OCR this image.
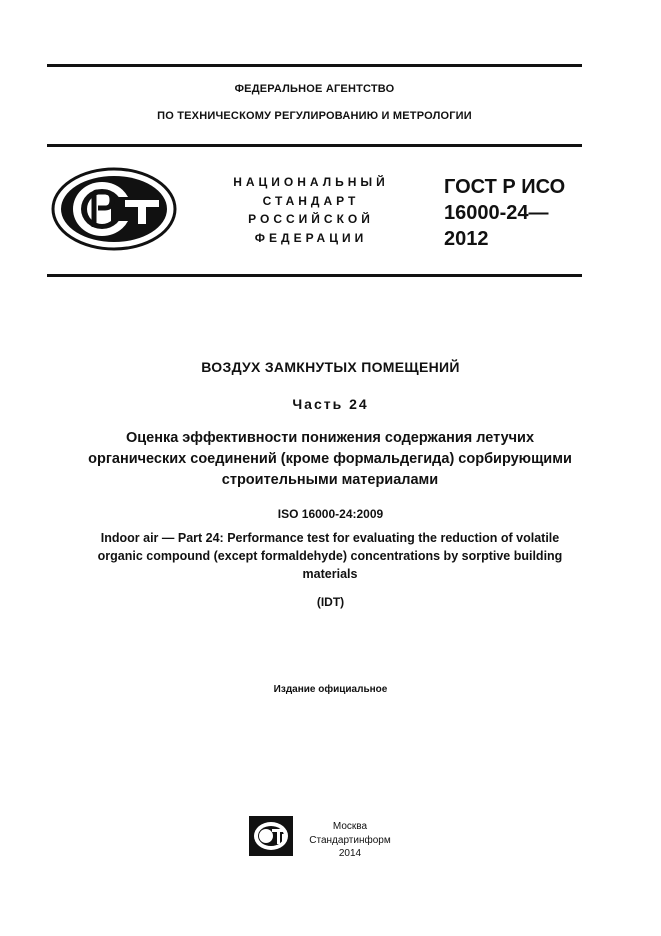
ФЕДЕРАЛЬНОЕ АГЕНТСТВО
ПО ТЕХНИЧЕСКОМУ РЕГУЛИРОВАНИЮ И МЕТРОЛОГИИ
НАЦИОНАЛЬНЫЙ
СТАНДАРТ
РОССИЙСКОЙ
ФЕДЕРАЦИИ
ГОСТ Р ИСО
16000-24—
2012
ВОЗДУХ ЗАМКНУТЫХ ПОМЕЩЕНИЙ
Часть 24
Оценка эффективности понижения содержания летучих
органических соединений (кроме формальдегида) сорбирующими
строительными материалами
ISO 16000-24:2009
Indoor air — Part 24: Performance test for evaluating the reduction of volatile
organic compound (except formaldehyde) concentrations by sorptive building
materials
(IDT)
Издание официальное
Москва
Стандартинформ
2014
